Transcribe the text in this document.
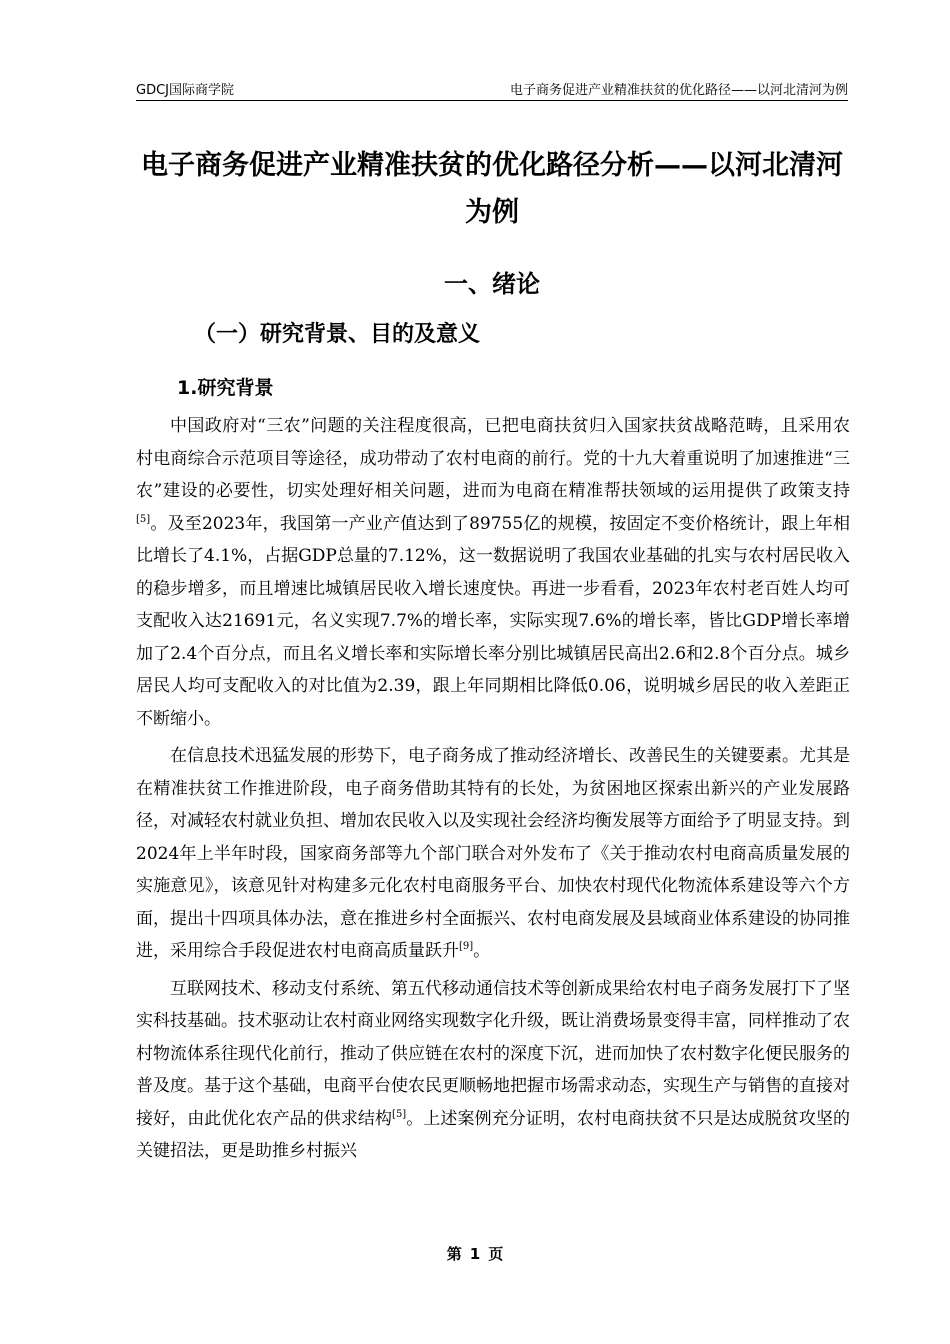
GDCJ国际商学院	电子商务促进产业精准扶贫的优化路径——以河北清河为例
电子商务促进产业精准扶贫的优化路径分析——以河北清河为例
一、绪论
（一）研究背景、目的及意义
1.研究背景

中国政府对“三农”问题的关注程度很高，已把电商扶贫归入国家扶贫战略范畴，且采用农村电商综合示范项目等途径，成功带动了农村电商的前行。党的十九大着重说明了加速推进“三农”建设的必要性，切实处理好相关问题，进而为电商在精准帮扶领域的运用提供了政策支持[5]。及至2023年，我国第一产业产值达到了89755亿的规模，按固定不变价格统计，跟上年相比增长了4.1%，占据GDP总量的7.12%，这一数据说明了我国农业基础的扎实与农村居民收入的稳步增多，而且增速比城镇居民收入增长速度快。再进一步看看，2023年农村老百姓人均可支配收入达21691元，名义实现7.7%的增长率，实际实现7.6%的增长率，皆比GDP增长率增加了2.4个百分点，而且名义增长率和实际增长率分别比城镇居民高出2.6和2.8个百分点。城乡居民人均可支配收入的对比值为2.39，跟上年同期相比降低0.06，说明城乡居民的收入差距正不断缩小。

在信息技术迅猛发展的形势下，电子商务成了推动经济增长、改善民生的关键要素。尤其是在精准扶贫工作推进阶段，电子商务借助其特有的长处，为贫困地区探索出新兴的产业发展路径，对减轻农村就业负担、增加农民收入以及实现社会经济均衡发展等方面给予了明显支持。到2024年上半年时段，国家商务部等九个部门联合对外发布了《关于推动农村电商高质量发展的实施意见》，该意见针对构建多元化农村电商服务平台、加快农村现代化物流体系建设等六个方面，提出十四项具体办法，意在推进乡村全面振兴、农村电商发展及县域商业体系建设的协同推进，采用综合手段促进农村电商高质量跃升[9]。

互联网技术、移动支付系统、第五代移动通信技术等创新成果给农村电子商务发展打下了坚实科技基础。技术驱动让农村商业网络实现数字化升级，既让消费场景变得丰富，同样推动了农村物流体系往现代化前行，推动了供应链在农村的深度下沉，进而加快了农村数字化便民服务的普及度。基于这个基础，电商平台使农民更顺畅地把握市场需求动态，实现生产与销售的直接对接好，由此优化农产品的供求结构[5]。上述案例充分证明，农村电商扶贫不只是达成脱贫攻坚的关键招法，更是助推乡村振兴

第 1 页
